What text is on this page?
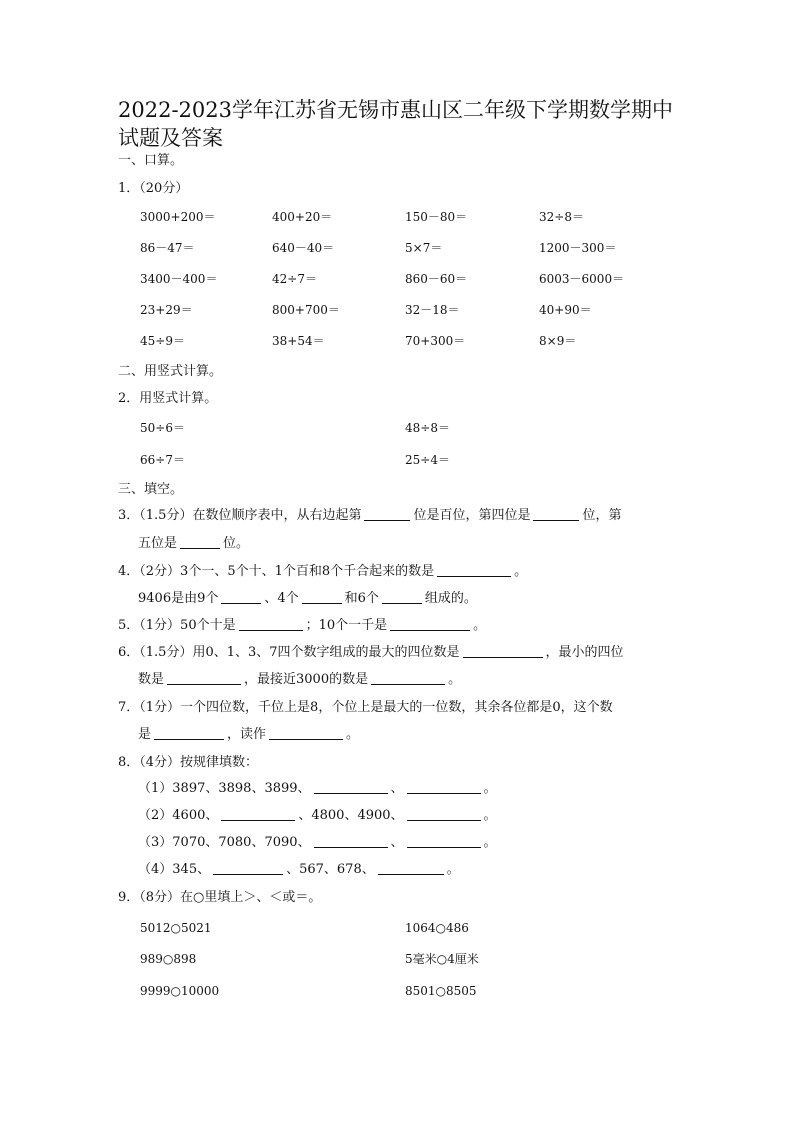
2022-2023学年江苏省无锡市惠山区二年级下学期数学期中试题及答案
一、口算。
1．（20分）
3000+200＝	400+20＝	150－80＝	32÷8＝
86－47＝	640－40＝	5×7＝	1200－300＝
3400－400＝	42÷7＝	860－60＝	6003－6000＝
23+29＝	800+700＝	32－18＝	40+90＝
45÷9＝	38+54＝	70+300＝	8×9＝
二、用竖式计算。
2．用竖式计算。
50÷6＝	48÷8＝
66÷7＝	25÷4＝
三、填空。
3．（1.5分）在数位顺序表中，从右边起第	位是百位，第四位是	位，第
五位是	位。
4．（2分）3个一、5个十、1个百和8个千合起来的数是	。
9406是由9个	、4个	和6个	组成的。
5．（1分）50个十是	；10个一千是	。
6．（1.5分）用0、1、3、7四个数字组成的最大的四位数是	，最小的四位
数是	，最接近3000的数是	。
7．（1分）一个四位数，千位上是8，个位上是最大的一位数，其余各位都是0，这个数
是	，读作	。
8．（4分）按规律填数：
（1）3897、3898、3899、	、	。
（2）4600、	、4800、4900、	。
（3）7070、7080、7090、	、	。
（4）345、	、567、678、	。
9．（8分）在○里填上＞、＜或＝。
5012○5021	1064○486
989○898	5毫米○4厘米
9999○10000	8501○8505
